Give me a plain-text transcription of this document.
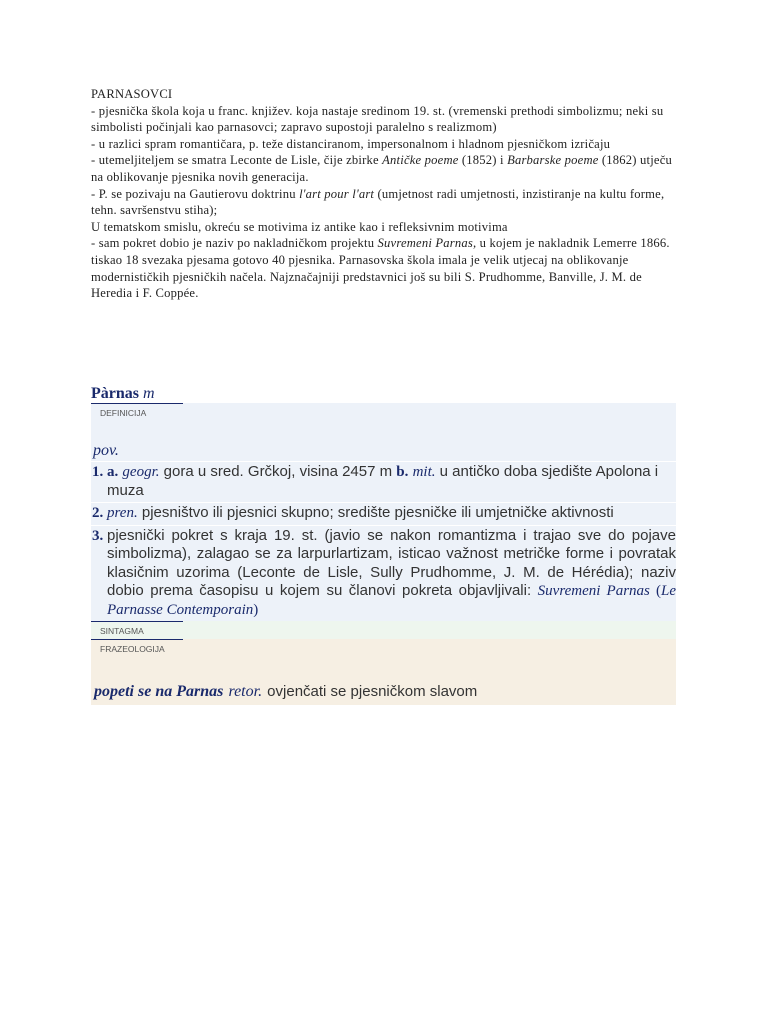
PARNASOVCI

- pjesnička škola koja u franc. književ. koja nastaje sredinom 19. st. (vremenski prethodi simbolizmu; neki su simbolisti počinjali kao parnasovci; zapravo supostoji paralelno s realizmom)

- u razlici spram romantičara, p. teže distanciranom, impersonalnom i hladnom pjesničkom izričaju

- utemeljiteljem se smatra Leconte de Lisle, čije zbirke Antičke poeme (1852) i Barbarske poeme (1862) utječu na oblikovanje pjesnika novih generacija.

- P. se pozivaju na Gautierovu doktrinu l'art pour l'art (umjetnost radi umjetnosti, inzistiranje na kultu forme, tehn. savršenstvu stiha);

U tematskom smislu, okreću se motivima iz antike kao i refleksivnim motivima

- sam pokret dobio je naziv po nakladničkom projektu Suvremeni Parnas, u kojem je nakladnik Lemerre 1866. tiskao 18 svezaka pjesama gotovo 40 pjesnika. Parnasovska škola imala je velik utjecaj na oblikovanje modernističkih pjesničkih načela. Najznačajniji predstavnici još su bili S. Prudhomme, Banville, J. M. de Heredia i F. Coppée.

Pàrnas m
DEFINICIJA
pov.
1. a. geogr. gora u sred. Grčkoj, visina 2457 m b. mit. u antičko doba sjedište Apolona i muza
2. pren. pjesništvo ili pjesnici skupno; središte pjesničke ili umjetničke aktivnosti
3. pjesnički pokret s kraja 19. st. (javio se nakon romantizma i trajao sve do pojave simbolizma), zalagao se za larpurlartizam, isticao važnost metričke forme i povratak klasičnim uzorima (Leconte de Lisle, Sully Prudhomme, J. M. de Hérédia); naziv dobio prema časopisu u kojem su članovi pokreta objavljivali: Suvremeni Parnas (Le Parnasse Contemporain)
SINTAGMA
FRAZEOLOGIJA
popeti se na Parnas retor. ovjenčati se pjesničkom slavom
